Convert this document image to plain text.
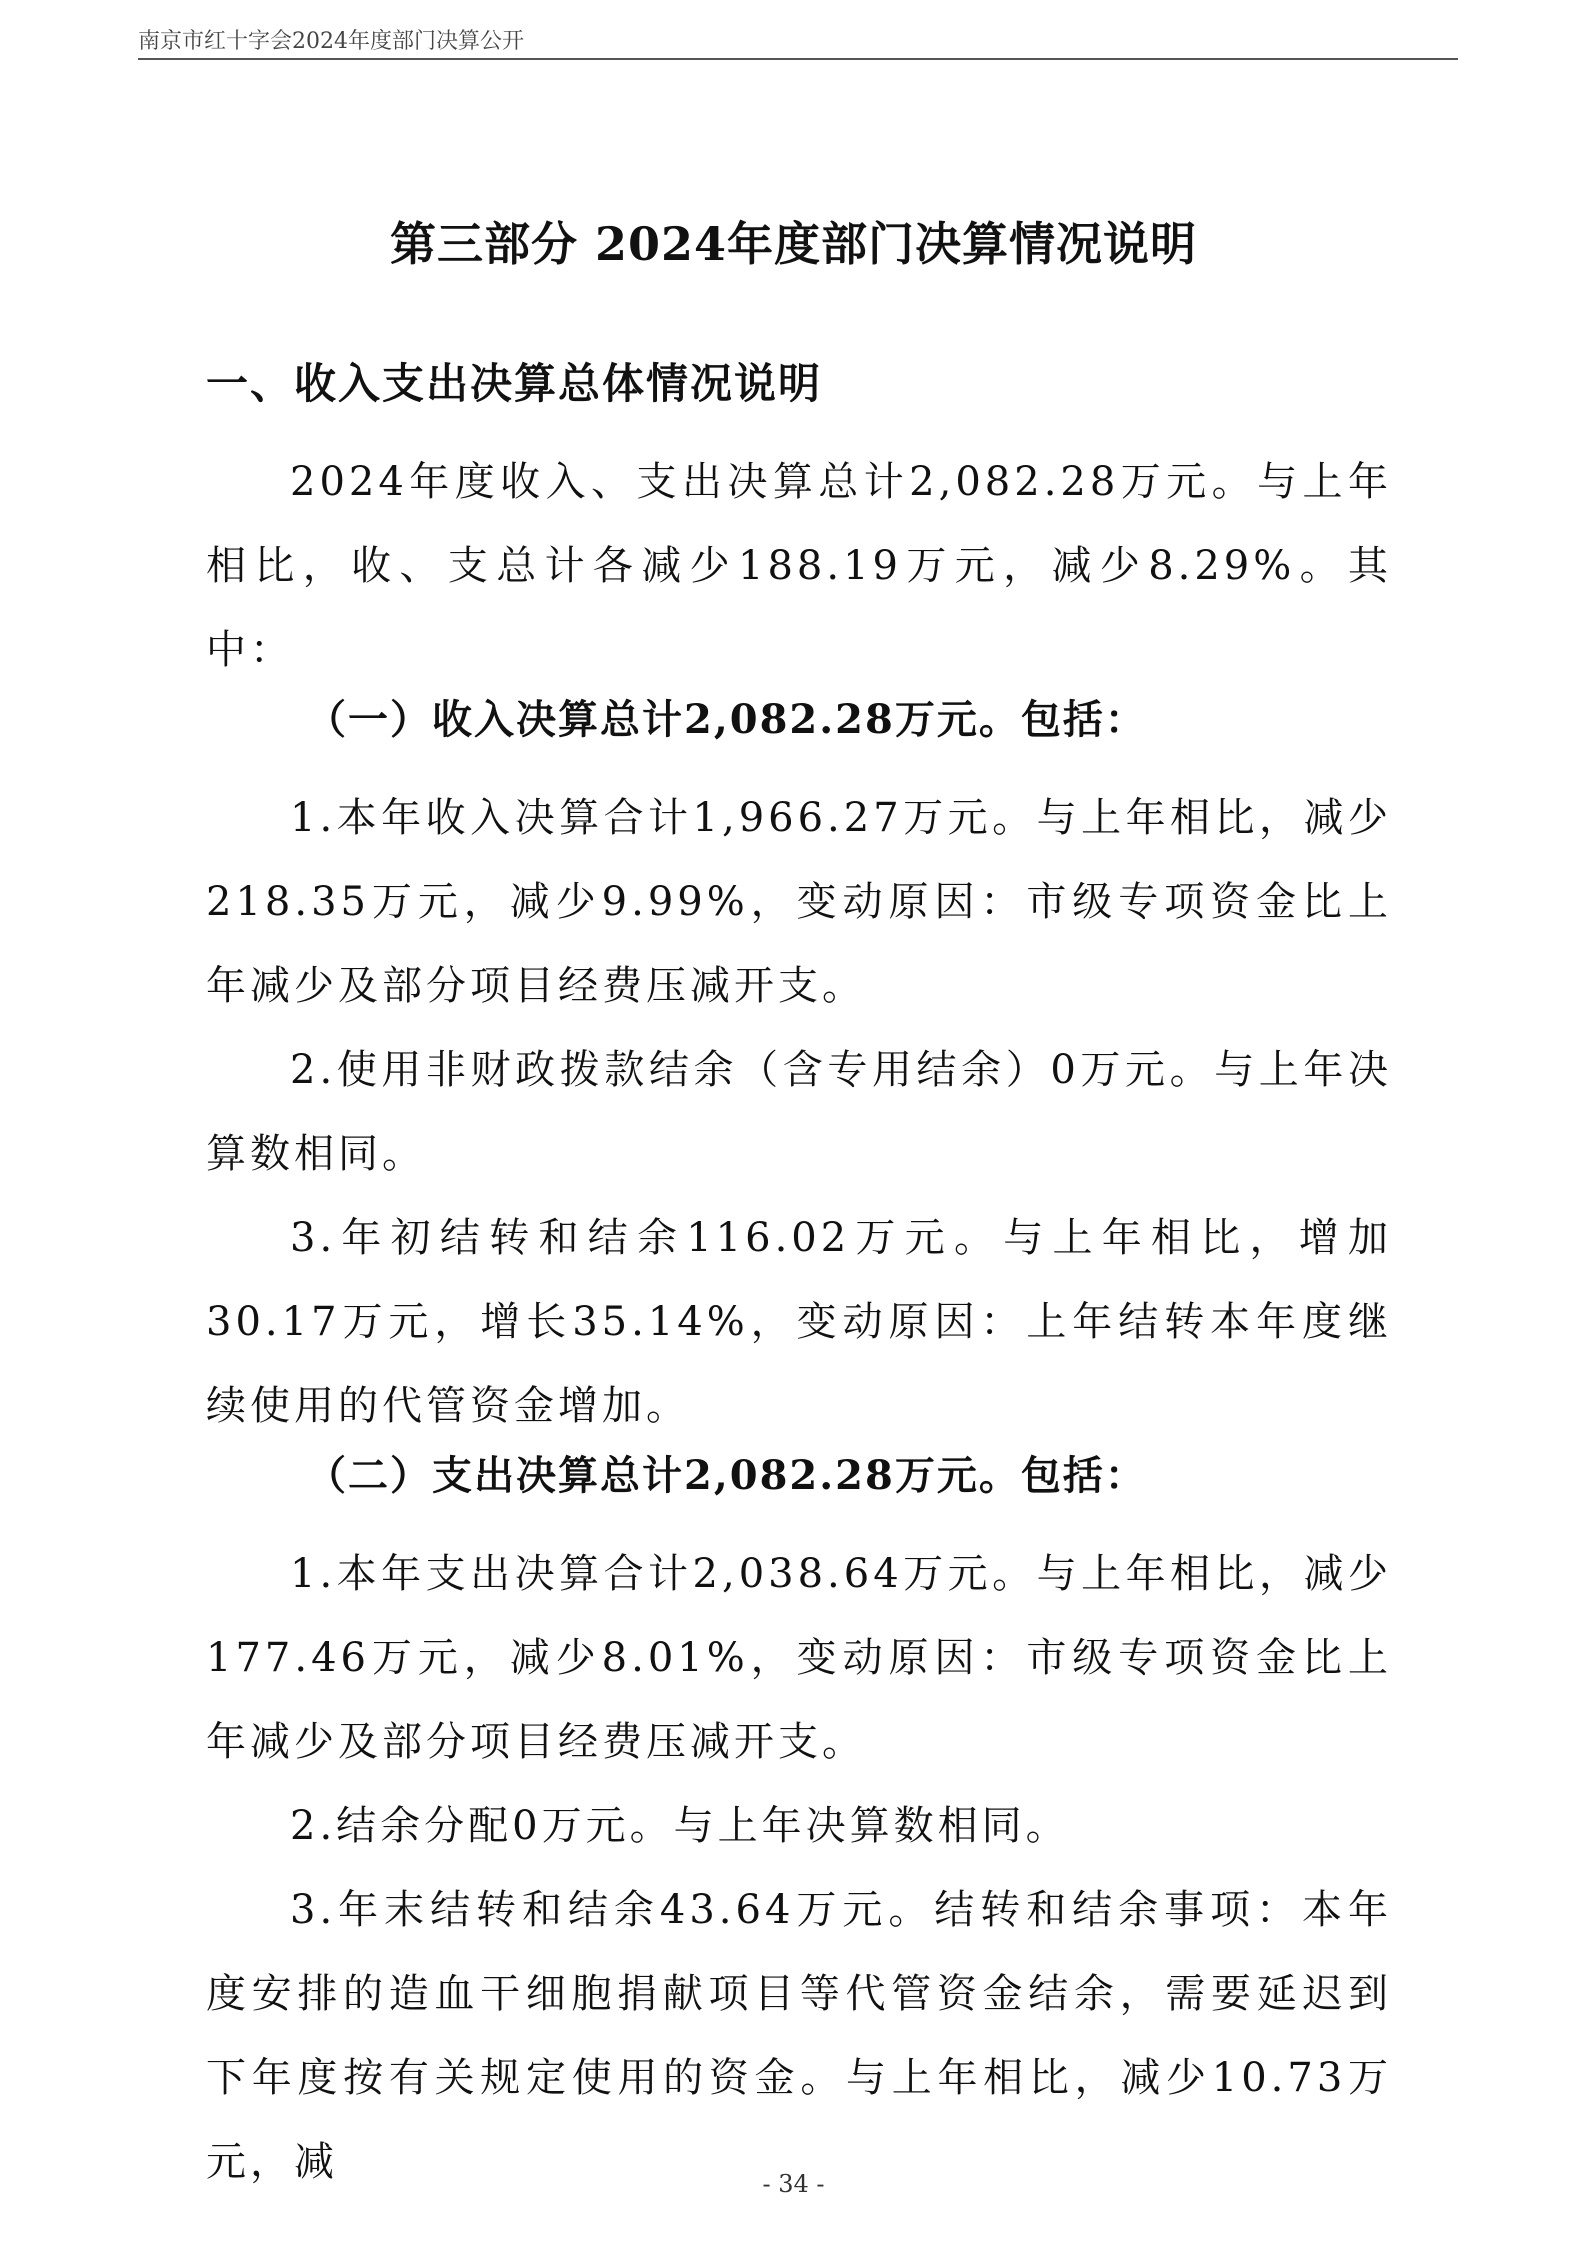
南京市红十字会2024年度部门决算公开
第三部分 2024年度部门决算情况说明

一、收入支出决算总体情况说明

2024年度收入、支出决算总计2,082.28万元。与上年相比，收、支总计各减少188.19万元，减少8.29%。其中：

（一）收入决算总计2,082.28万元。包括：

1.本年收入决算合计1,966.27万元。与上年相比，减少218.35万元，减少9.99%，变动原因：市级专项资金比上年减少及部分项目经费压减开支。

2.使用非财政拨款结余（含专用结余）0万元。与上年决算数相同。

3.年初结转和结余116.02万元。与上年相比，增加30.17万元，增长35.14%，变动原因：上年结转本年度继续使用的代管资金增加。

（二）支出决算总计2,082.28万元。包括：

1.本年支出决算合计2,038.64万元。与上年相比，减少177.46万元，减少8.01%，变动原因：市级专项资金比上年减少及部分项目经费压减开支。

2.结余分配0万元。与上年决算数相同。

3.年末结转和结余43.64万元。结转和结余事项：本年度安排的造血干细胞捐献项目等代管资金结余，需要延迟到下年度按有关规定使用的资金。与上年相比，减少10.73万元，减	- 34 -
